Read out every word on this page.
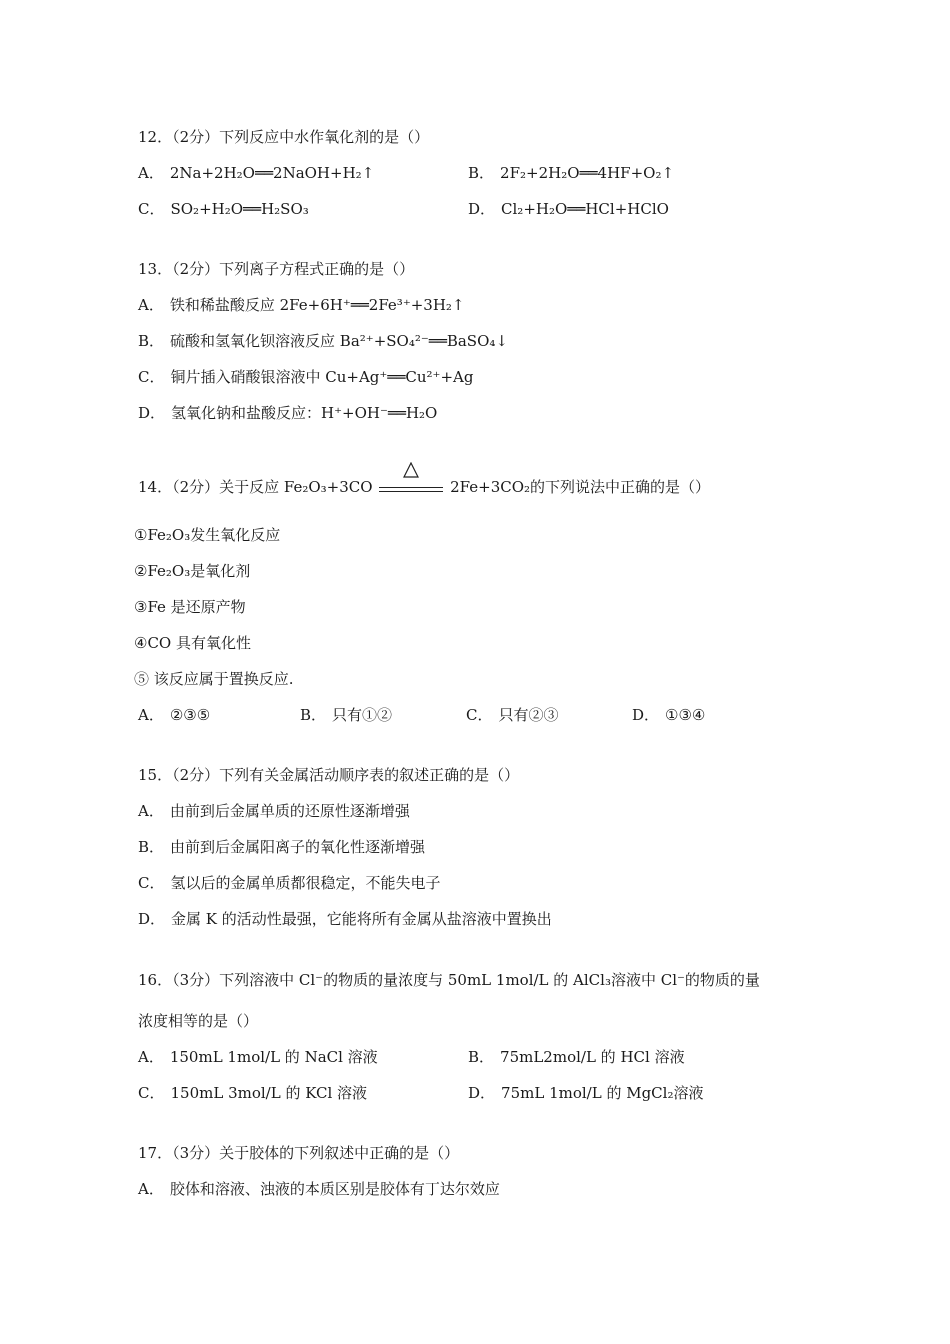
12．（2分）下列反应中水作氧化剂的是（）
A． 2Na+2H₂O══2NaOH+H₂↑	B． 2F₂+2H₂O══4HF+O₂↑
C． SO₂+H₂O══H₂SO₃	D． Cl₂+H₂O══HCl+HClO
13．（2分）下列离子方程式正确的是（）
A． 铁和稀盐酸反应 2Fe+6H⁺══2Fe³⁺+3H₂↑
B． 硫酸和氢氧化钡溶液反应 Ba²⁺+SO₄²⁻══BaSO₄↓
C． 铜片插入硝酸银溶液中 Cu+Ag⁺══Cu²⁺+Ag
D． 氢氧化钠和盐酸反应：H⁺+OH⁻══H₂O
14．（2分）关于反应 Fe₂O₃+3CO	2Fe+3CO₂的下列说法中正确的是（）
①Fe₂O₃发生氧化反应
②Fe₂O₃是氧化剂
③Fe 是还原产物
④CO 具有氧化性
⑤ 该反应属于置换反应.
A． ②③⑤	B． 只有①②	C． 只有②③	D． ①③④
15．（2分）下列有关金属活动顺序表的叙述正确的是（）
A． 由前到后金属单质的还原性逐渐增强
B． 由前到后金属阳离子的氧化性逐渐增强
C． 氢以后的金属单质都很稳定，不能失电子
D． 金属 K 的活动性最强，它能将所有金属从盐溶液中置换出
16．（3分）下列溶液中 Cl⁻的物质的量浓度与 50mL 1mol/L 的 AlCl₃溶液中 Cl⁻的物质的量
浓度相等的是（）
A． 150mL 1mol/L 的 NaCl 溶液	B． 75mL2mol/L 的 HCl 溶液
C． 150mL 3mol/L 的 KCl 溶液	D． 75mL 1mol/L 的 MgCl₂溶液
17．（3分）关于胶体的下列叙述中正确的是（）
A． 胶体和溶液、浊液的本质区别是胶体有丁达尔效应
